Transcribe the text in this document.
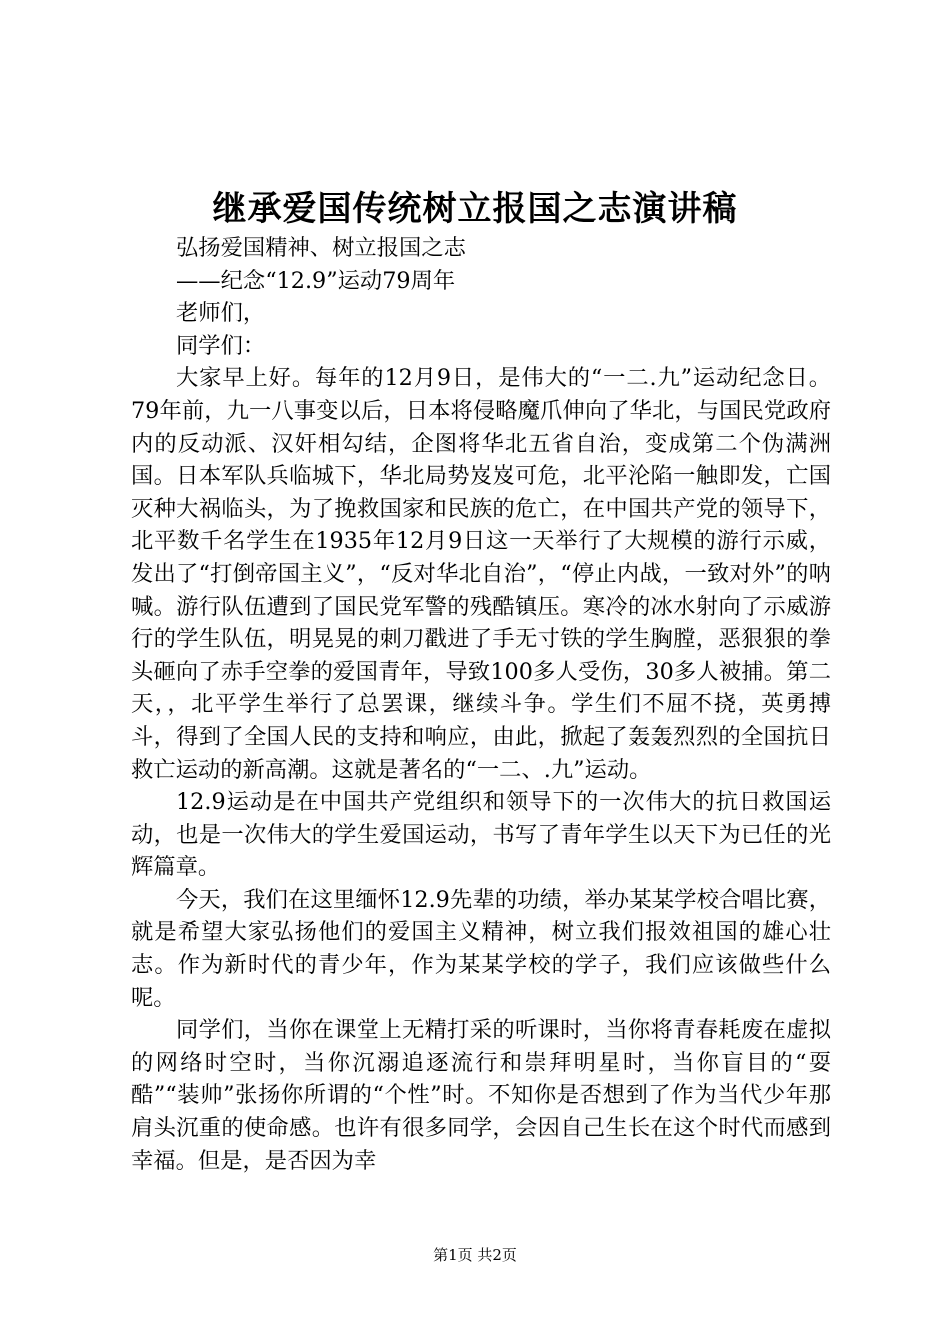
继承爱国传统树立报国之志演讲稿

弘扬爱国精神、树立报国之志

——纪念“12.9”运动79周年

老师们，

同学们：

大家早上好。每年的12月9日，是伟大的“一二.九”运动纪念日。79年前，九一八事变以后，日本将侵略魔爪伸向了华北，与国民党政府内的反动派、汉奸相勾结，企图将华北五省自治，变成第二个伪满洲国。日本军队兵临城下，华北局势岌岌可危，北平沦陷一触即发，亡国灭种大祸临头，为了挽救国家和民族的危亡，在中国共产党的领导下，北平数千名学生在1935年12月9日这一天举行了大规模的游行示威，发出了“打倒帝国主义”，“反对华北自治”，“停止内战，一致对外”的呐喊。游行队伍遭到了国民党军警的残酷镇压。寒冷的冰水射向了示威游行的学生队伍，明晃晃的刺刀戳进了手无寸铁的学生胸膛，恶狠狠的拳头砸向了赤手空拳的爱国青年，导致100多人受伤，30多人被捕。第二天，，北平学生举行了总罢课，继续斗争。学生们不屈不挠，英勇搏斗，得到了全国人民的支持和响应，由此，掀起了轰轰烈烈的全国抗日救亡运动的新高潮。这就是著名的“一二、.九”运动。

12.9运动是在中国共产党组织和领导下的一次伟大的抗日救国运动，也是一次伟大的学生爱国运动，书写了青年学生以天下为已任的光辉篇章。

今天，我们在这里缅怀12.9先辈的功绩，举办某某学校合唱比赛，就是希望大家弘扬他们的爱国主义精神，树立我们报效祖国的雄心壮志。作为新时代的青少年，作为某某学校的学子，我们应该做些什么呢。

同学们，当你在课堂上无精打采的听课时，当你将青春耗废在虚拟的网络时空时，当你沉溺追逐流行和崇拜明星时，当你盲目的“耍酷”“装帅”张扬你所谓的“个性”时。不知你是否想到了作为当代少年那肩头沉重的使命感。也许有很多同学，会因自己生长在这个时代而感到幸福。但是，是否因为幸

第1页 共2页
